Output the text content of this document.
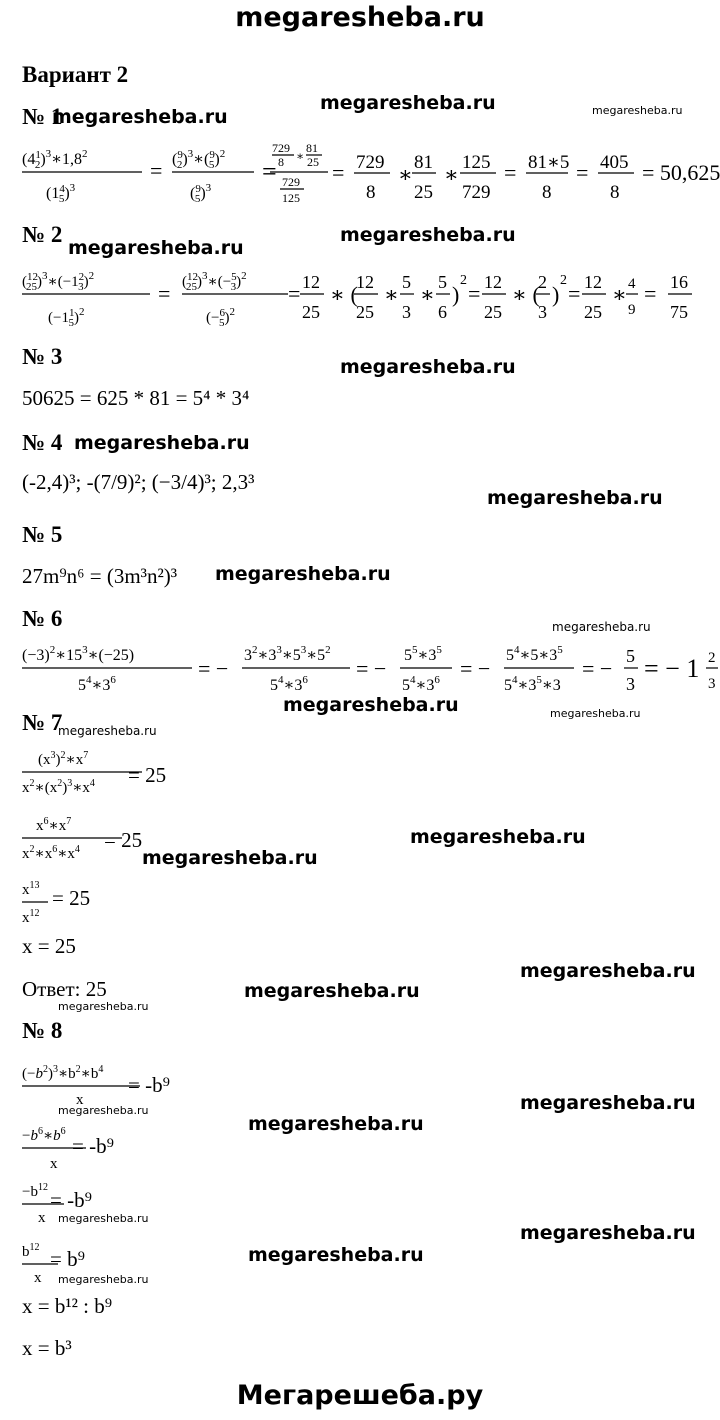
megaresheba.ru
Вариант 2
megaresheba.ru	megaresheba.ru
megaresheba.ru
megaresheba.ru
megaresheba.ru
megaresheba.ru
megaresheba.ru	megaresheba.ru
megaresheba.ru
megaresheba.ru
megaresheba.ru
megaresheba.ru
megaresheba.ru
megaresheba.ru
megaresheba.ru
megaresheba.ru
megaresheba.ru
megaresheba.ru
megaresheba.ru
megaresheba.ru
№ 1
megaresheba.ru
($4^1$ $2)^3∗1,8^2$
($1^4$ 5)$^3$
= ($^9$ 2)$^3$∗($^9$ 5)$^2$
($^9$ 5)$^3$
=
729
8 ∗
81
25
729
125
= 729
8
∗ 81
25
∗ 125
729
= 81∗5
8
= 405
8
= 50,625
№ 2
megaresheba.ru
($^{12}$ $25)^3∗(-1^2$ 3)$^2$
($-1^1$ 5)$^2$
= ($^{12}$ 25)$^3$∗(−$^5$ 3)$^2$
(−$^6$ 5)$^2$
= 12
25
∗ (
12
25
∗ 5
3
∗ 5
6
)
2
= 12
25
∗ (
2
3
)
2
= 12
25
∗ 4
9
= 16
75
№ 3
50625 = 625 * 81 = 5⁴ * 3⁴
№ 4 megaresheba.ru
(-2,4)³; -(7/9)²; (−3/4)³; 2,3³
№ 5
27m⁹n⁶ = (3m³n²)³ megaresheba.ru
№ 6
$(-3)^2∗15^3∗(-25)$
$5^4∗3^6$	= −
$3^2∗3^3∗5^3∗5^2$
$5^4∗3^6$ = −
$5^5∗3^5$
$5^4∗3^6$ = −
$5^4∗5∗3^5$
$5^4∗3^5∗3$
= − 5
3
= − 1 2
3
№ 7
megaresheba.ru
$(x^3)^2∗x^7$
$x^2∗(x^2)^3∗x^4 = 25$
$x^6∗x^7$
$x^2∗x^6∗x^4 = 25$
$x^{13}$
$x^{12}$
= 25
x = 25
Ответ: 25
№ 8
$(-b^2)^3∗b^2∗b^4$
x
= -b⁹
$-b^6∗b^6$
x
= -b⁹
$-b^{12}$
x
= -b⁹
$b^{12}$
x
= b⁹
x = b¹² : b⁹
x = b³
Мегарешеба.ру
